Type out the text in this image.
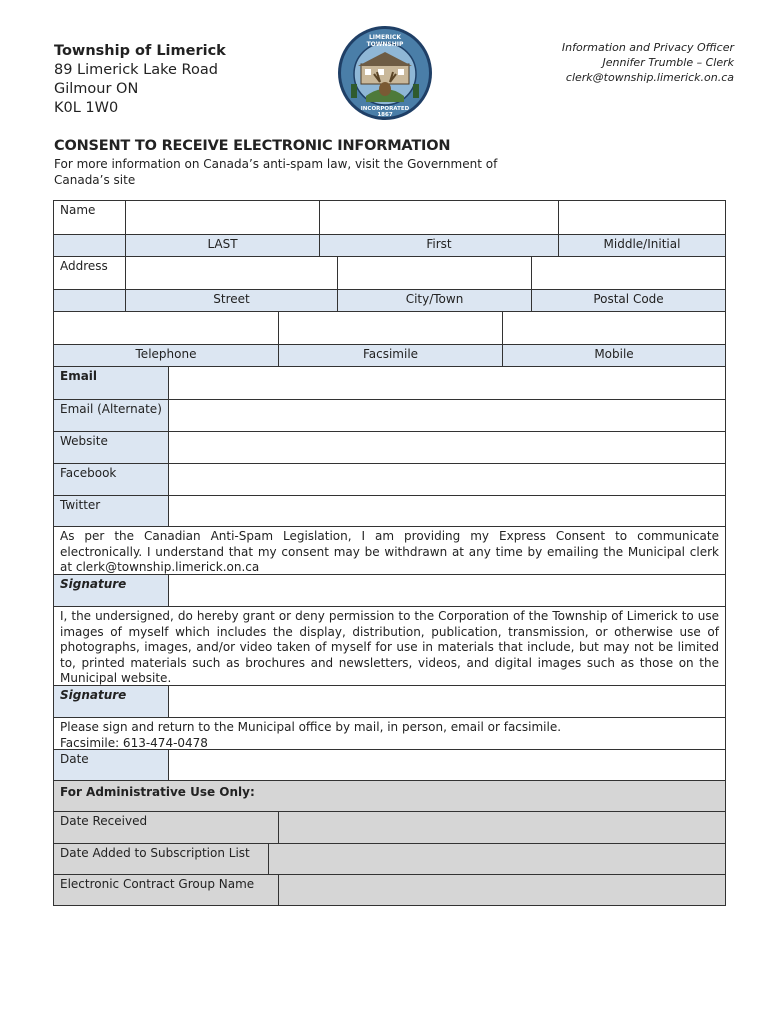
Township of Limerick
89 Limerick Lake Road
Gilmour ON
K0L 1W0
LIMERICK TOWNSHIP
INCORPORATED 1867
Information and Privacy Officer
Jennifer Trumble – Clerk
clerk@township.limerick.on.ca
CONSENT TO RECEIVE ELECTRONIC INFORMATION
For more information on Canada’s anti-spam law, visit the Government of Canada’s site
Name
LAST	First	Middle/Initial
Address
Street	City/Town	Postal Code
Telephone	Facsimile	Mobile
Email
Email (Alternate)
Website
Facebook
Twitter
As per the Canadian Anti-Spam Legislation, I am providing my Express Consent to communicate electronically. I understand that my consent may be withdrawn at any time by emailing the Municipal clerk at clerk@township.limerick.on.ca
Signature
I, the undersigned, do hereby grant or deny permission to the Corporation of the Township of Limerick to use images of myself which includes the display, distribution, publication, transmission, or otherwise use of photographs, images, and/or video taken of myself for use in materials that include, but may not be limited to, printed materials such as brochures and newsletters, videos, and digital images such as those on the Municipal website.
Signature
Please sign and return to the Municipal office by mail, in person, email or facsimile.
Facsimile: 613-474-0478
Date
For Administrative Use Only:
Date Received
Date Added to Subscription List
Electronic Contract Group Name
